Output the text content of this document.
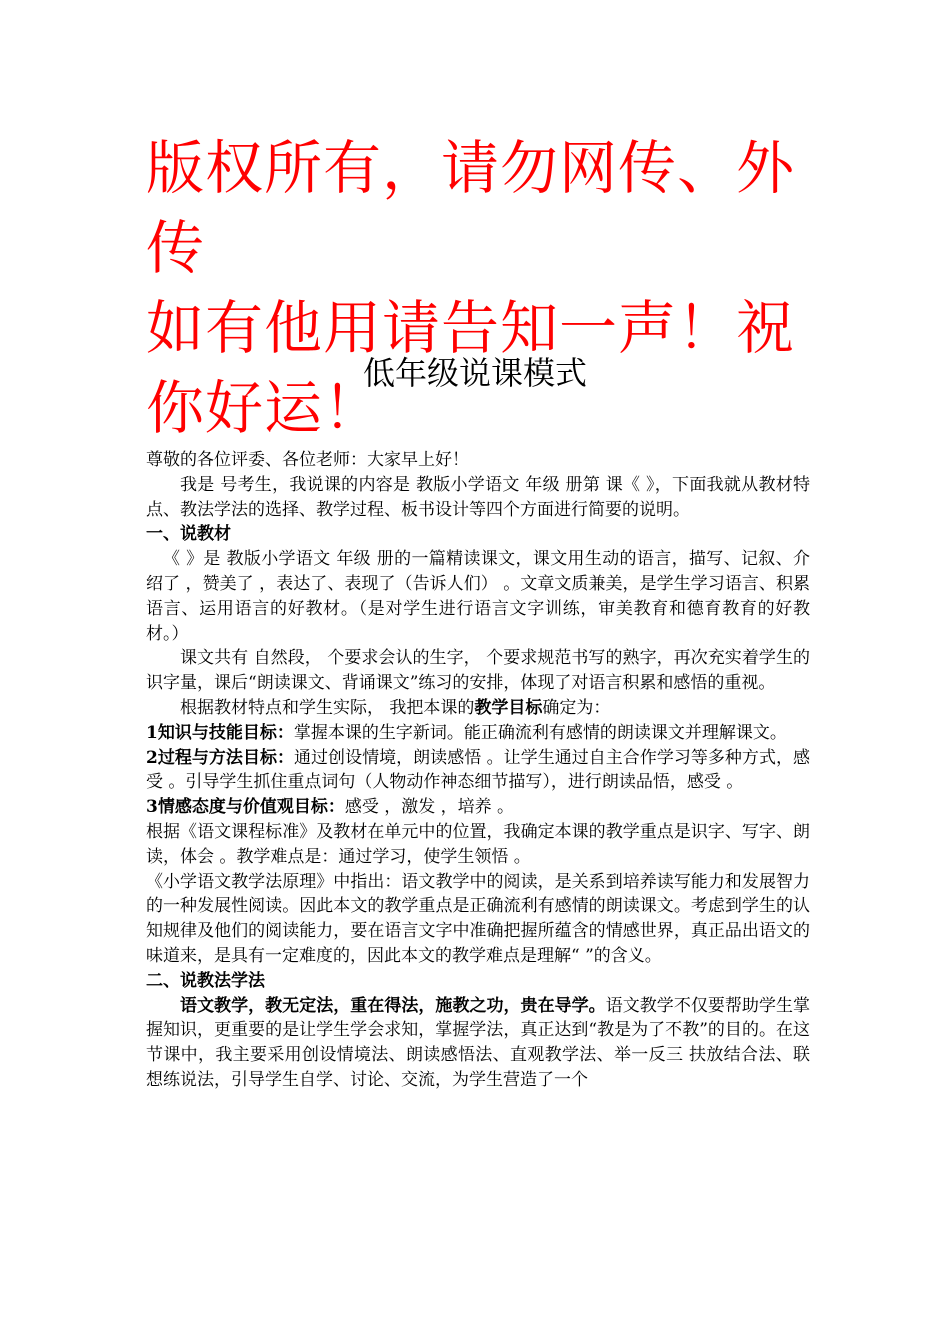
版权所有，请勿网传、外传
如有他用请告知一声！祝
你好运！
低年级说课模式

尊敬的各位评委、各位老师：大家早上好！

我是 号考生，我说课的内容是 教版小学语文 年级 册第 课《 》，下面我就从教材特点、教法学法的选择、教学过程、板书设计等四个方面进行简要的说明。

一、说教材

《 》是 教版小学语文 年级 册的一篇精读课文，课文用生动的语言，描写、记叙、介绍了 ，赞美了 ，表达了、表现了（告诉人们） 。文章文质兼美，是学生学习语言、积累语言、运用语言的好教材。（是对学生进行语言文字训练，审美教育和德育教育的好教材。）

课文共有 自然段， 个要求会认的生字， 个要求规范书写的熟字，再次充实着学生的识字量，课后“朗读课文、背诵课文”练习的安排，体现了对语言积累和感悟的重视。

根据教材特点和学生实际， 我把本课的教学目标确定为：

1知识与技能目标：掌握本课的生字新词。能正确流利有感情的朗读课文并理解课文。

2过程与方法目标：通过创设情境，朗读感悟 。让学生通过自主合作学习等多种方式，感受 。引导学生抓住重点词句（人物动作神态细节描写），进行朗读品悟，感受 。

3情感态度与价值观目标：感受 ，激发 ，培养 。

根据《语文课程标准》及教材在单元中的位置，我确定本课的教学重点是识字、写字、朗读，体会 。教学难点是：通过学习，使学生领悟 。

《小学语文教学法原理》中指出：语文教学中的阅读，是关系到培养读写能力和发展智力的一种发展性阅读。因此本文的教学重点是正确流利有感情的朗读课文。考虑到学生的认知规律及他们的阅读能力，要在语言文字中准确把握所蕴含的情感世界，真正品出语文的味道来，是具有一定难度的，因此本文的教学难点是理解“ ”的含义。

二、说教法学法

语文教学，教无定法，重在得法，施教之功，贵在导学。语文教学不仅要帮助学生掌握知识，更重要的是让学生学会求知，掌握学法，真正达到“教是为了不教”的目的。在这节课中，我主要采用创设情境法、朗读感悟法、直观教学法、举一反三 扶放结合法、联想练说法，引导学生自学、讨论、交流，为学生营造了一个
